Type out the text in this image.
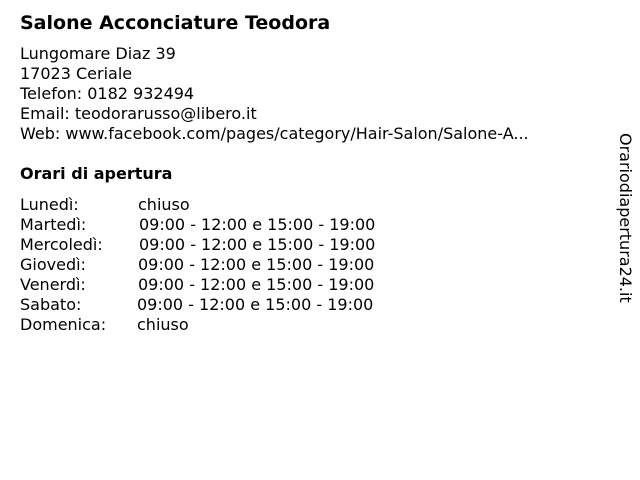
Salone Acconciature Teodora
Lungomare Diaz 39
17023 Ceriale
Telefon: 0182 932494
Email: teodorarusso@libero.it
Web: www.facebook.com/pages/category/Hair-Salon/Salone-A...
Orari di apertura
Lunedì:	chiuso
Martedì:	09:00 - 12:00 e 15:00 - 19:00
Mercoledì: 09:00 - 12:00 e 15:00 - 19:00
Giovedì:	09:00 - 12:00 e 15:00 - 19:00
Venerdì:	09:00 - 12:00 e 15:00 - 19:00
Sabato:	09:00 - 12:00 e 15:00 - 19:00
Domenica: chiuso
Orariodiapertura24.it
